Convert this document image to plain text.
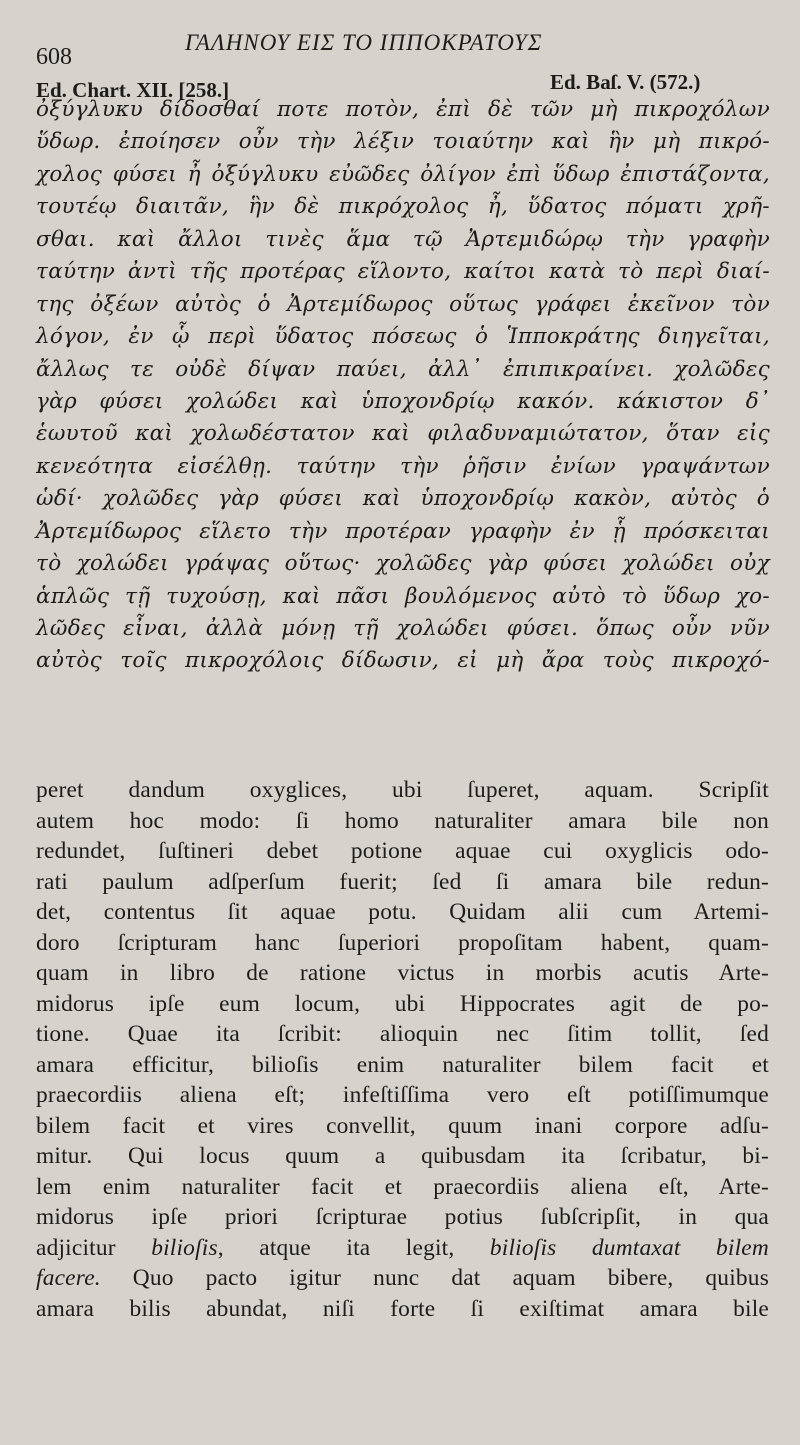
608
ΓΑΛΗΝΟΥ ΕΙΣ ΤΟ ΙΠΠΟΚΡΑΤΟΥΣ
Ed. Chart. XII. [258.]	Ed. Baſ. V. (572.)
ὀξύγλυκυ δίδοσθαί ποτε ποτὸν, ἐπὶ δὲ τῶν μὴ πικροχόλων
ὕδωρ. ἐποίησεν οὖν τὴν λέξιν τοιαύτην καὶ ἣν μὴ πικρό-
χολος φύσει ἦ ὀξύγλυκυ εὐῶδες ὀλίγον ἐπὶ ὕδωρ ἐπιστάζοντα,
τουτέῳ διαιτᾶν, ἣν δὲ πικρόχολος ἦ, ὕδατος πόματι χρῆ-
σθαι. καὶ ἄλλοι τινὲς ἅμα τῷ Ἀρτεμιδώρῳ τὴν γραφὴν
ταύτην ἀντὶ τῆς προτέρας εἵλοντο, καίτοι κατὰ τὸ περὶ διαί-
της ὀξέων αὐτὸς ὁ Ἀρτεμίδωρος οὕτως γράφει ἐκεῖνον τὸν
λόγον, ἐν ᾧ περὶ ὕδατος πόσεως ὁ Ἱπποκράτης διηγεῖται,
ἄλλως τε οὐδὲ δίψαν παύει, ἀλλ᾽ ἐπιπικραίνει. χολῶδες
γὰρ φύσει χολώδει καὶ ὑποχονδρίῳ κακόν. κάκιστον δ᾽
ἑωυτοῦ καὶ χολωδέστατον καὶ φιλαδυναμιώτατον, ὅταν εἰς
κενεότητα εἰσέλθῃ. ταύτην τὴν ῥῆσιν ἐνίων γραψάντων
ὡδί· χολῶδες γὰρ φύσει καὶ ὑποχονδρίῳ κακὸν, αὐτὸς ὁ
Ἀρτεμίδωρος εἵλετο τὴν προτέραν γραφὴν ἐν ᾗ πρόσκειται
τὸ χολώδει γράψας οὕτως· χολῶδες γὰρ φύσει χολώδει οὐχ
ἁπλῶς τῇ τυχούσῃ, καὶ πᾶσι βουλόμενος αὐτὸ τὸ ὕδωρ χο-
λῶδες εἶναι, ἀλλὰ μόνῃ τῇ χολώδει φύσει. ὅπως οὖν νῦν
αὐτὸς τοῖς πικροχόλοις δίδωσιν, εἰ μὴ ἄρα τοὺς πικροχό-
peret dandum oxyglices, ubi ſuperet, aquam. Scripſit
autem hoc modo: ſi homo naturaliter amara bile non
redundet, ſuſtineri debet potione aquae cui oxyglicis odo-
rati paulum adſperſum fuerit; ſed ſi amara bile redun-
det, contentus ſit aquae potu. Quidam alii cum Artemi-
doro ſcripturam hanc ſuperiori propoſitam habent, quam-
quam in libro de ratione victus in morbis acutis Arte-
midorus ipſe eum locum, ubi Hippocrates agit de po-
tione. Quae ita ſcribit: alioquin nec ſitim tollit, ſed
amara efficitur, bilioſis enim naturaliter bilem facit et
praecordiis aliena eſt; infeſtiſſima vero eſt potiſſimumque
bilem facit et vires convellit, quum inani corpore adſu-
mitur. Qui locus quum a quibusdam ita ſcribatur, bi-
lem enim naturaliter facit et praecordiis aliena eſt, Arte-
midorus ipſe priori ſcripturae potius ſubſcripſit, in qua
adjicitur bilioſis, atque ita legit, bilioſis dumtaxat bilem
facere. Quo pacto igitur nunc dat aquam bibere, quibus
amara bilis abundat, niſi forte ſi exiſtimat amara bile
